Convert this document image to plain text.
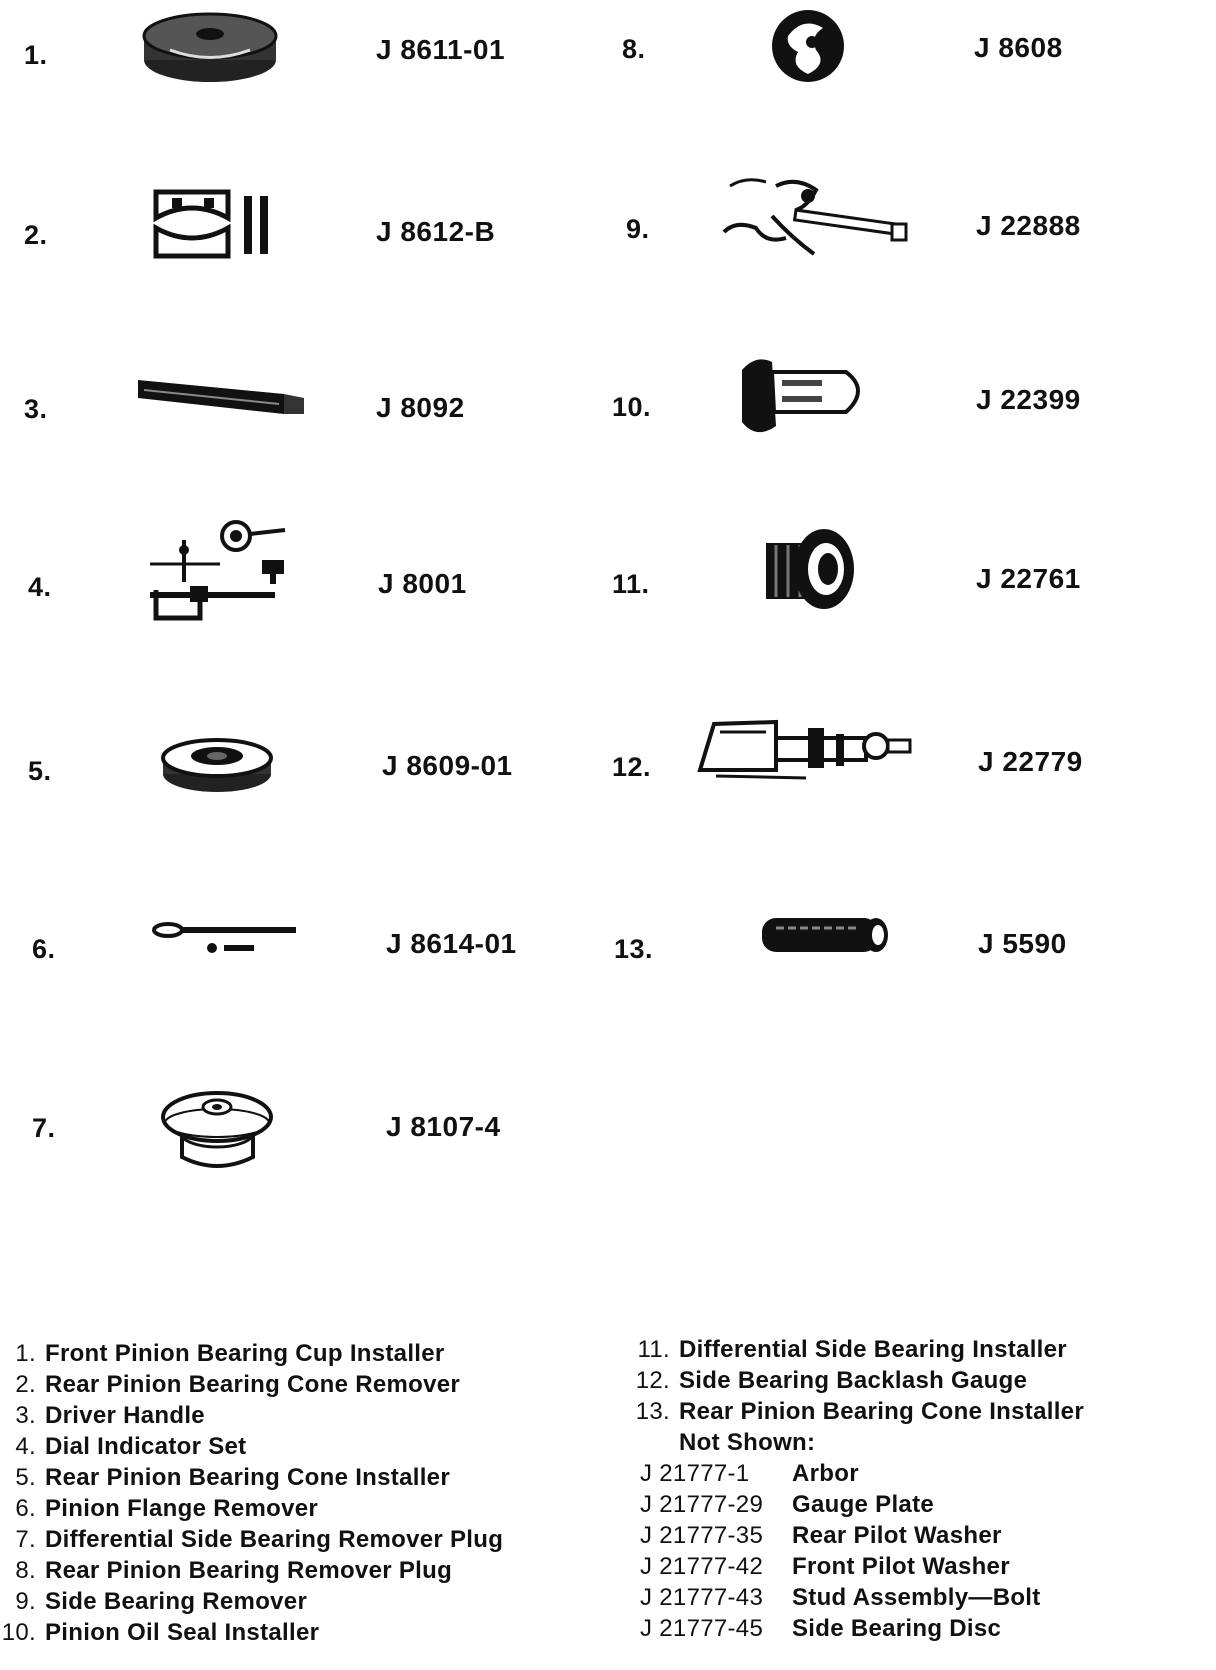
1.	J 8611-01
2.	J 8612-B
3.	J 8092
4.	J 8001
5.	J 8609-01
6.	J 8614-01
7.	J 8107-4
8.	J 8608
9.	J 22888
10.	J 22399
11.	J 22761
12.	J 22779
13.	J 5590
1. Front Pinion Bearing Cup Installer
2. Rear Pinion Bearing Cone Remover
3. Driver Handle
4. Dial Indicator Set
5. Rear Pinion Bearing Cone Installer
6. Pinion Flange Remover
7. Differential Side Bearing Remover Plug
8. Rear Pinion Bearing Remover Plug
9. Side Bearing Remover
10. Pinion Oil Seal Installer
11. Differential Side Bearing Installer
12. Side Bearing Backlash Gauge
13. Rear Pinion Bearing Cone Installer
Not Shown:
J 21777-1 Arbor
J 21777-29 Gauge Plate
J 21777-35 Rear Pilot Washer
J 21777-42 Front Pilot Washer
J 21777-43 Stud Assembly—Bolt
J 21777-45 Side Bearing Disc
